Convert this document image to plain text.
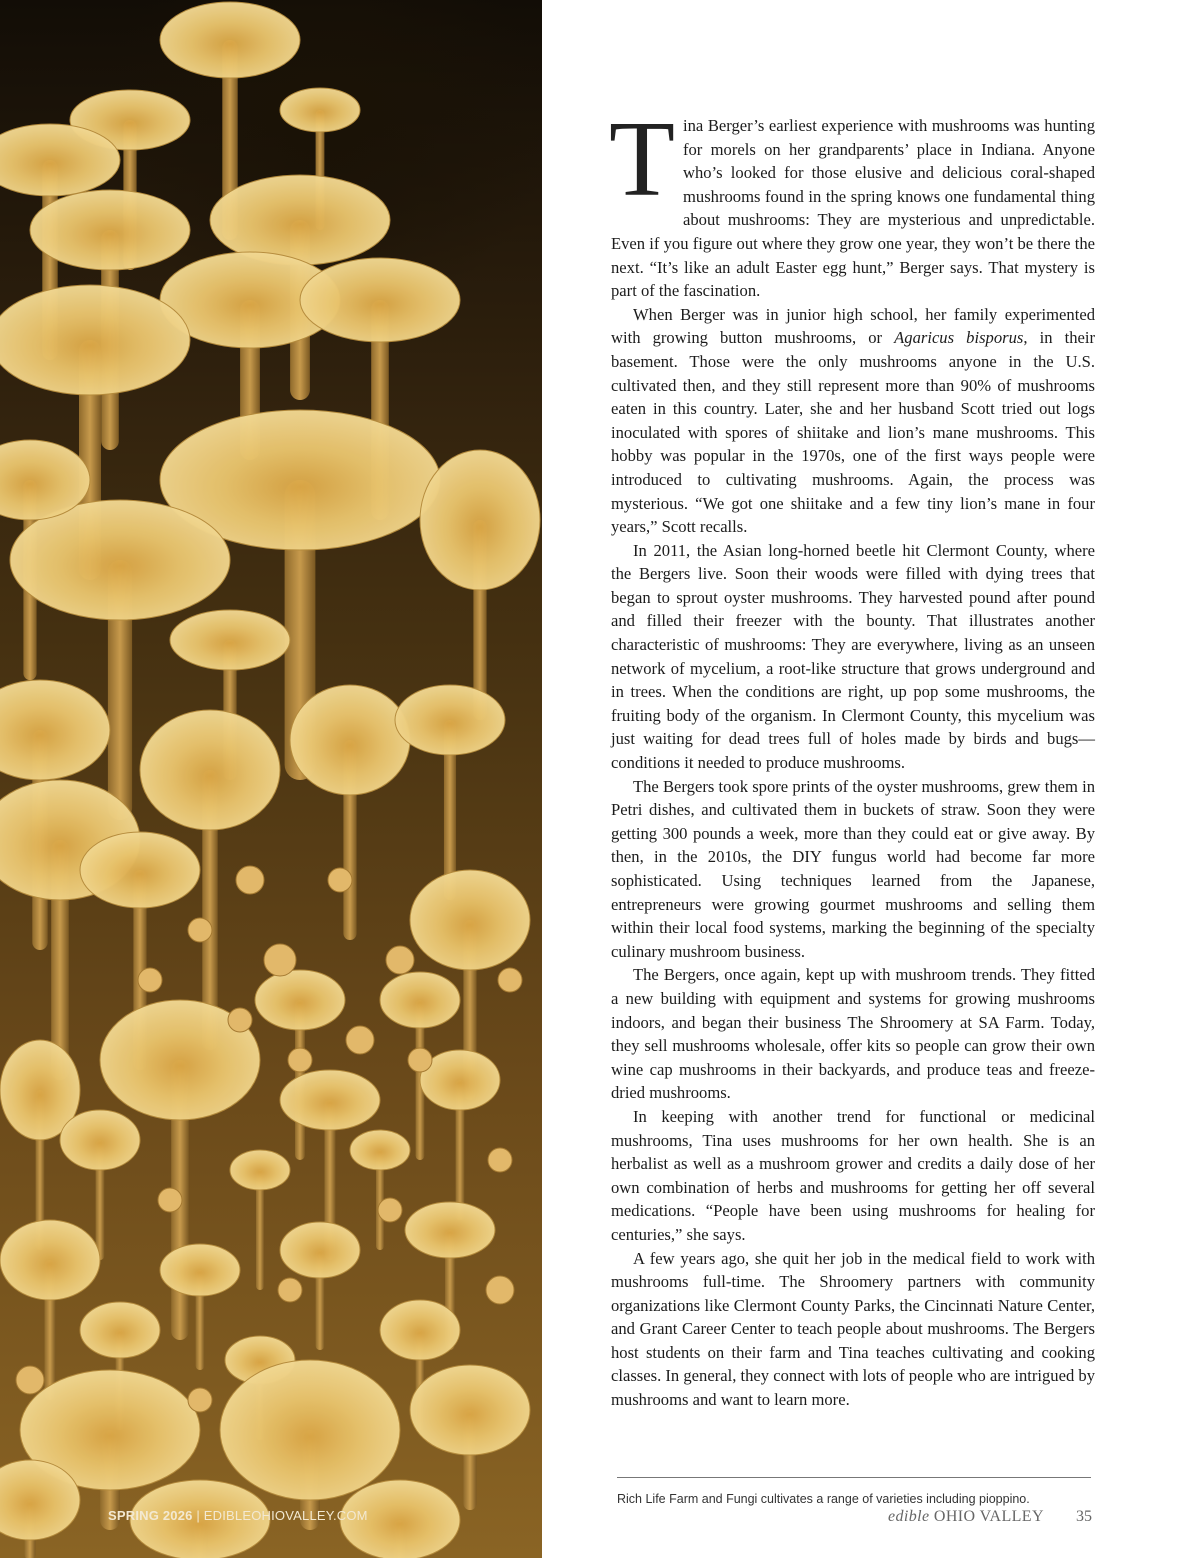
SPRING 2026 | EDIBLEOHIOVALLEY.COM

Tina Berger’s earliest experience with mushrooms was hunting for morels on her grandparents’ place in Indiana. Anyone who’s looked for those elusive and delicious coral-shaped mushrooms found in the spring knows one fundamental thing about mushrooms: They are mysterious and unpredictable. Even if you figure out where they grow one year, they won’t be there the next. “It’s like an adult Easter egg hunt,” Berger says. That mystery is part of the fascination.

When Berger was in junior high school, her family experimented with growing button mushrooms, or Agaricus bisporus, in their basement. Those were the only mushrooms anyone in the U.S. cultivated then, and they still represent more than 90% of mushrooms eaten in this country. Later, she and her husband Scott tried out logs inoculated with spores of shiitake and lion’s mane mushrooms. This hobby was popular in the 1970s, one of the first ways people were introduced to cultivating mushrooms. Again, the process was mysterious. “We got one shiitake and a few tiny lion’s mane in four years,” Scott recalls.

In 2011, the Asian long-horned beetle hit Clermont County, where the Bergers live. Soon their woods were filled with dying trees that began to sprout oyster mushrooms. They harvested pound after pound and filled their freezer with the bounty. That illustrates another characteristic of mushrooms: They are everywhere, living as an unseen network of mycelium, a root-like structure that grows underground and in trees. When the conditions are right, up pop some mushrooms, the fruiting body of the organism. In Clermont County, this mycelium was just waiting for dead trees full of holes made by birds and bugs—conditions it needed to produce mushrooms.

The Bergers took spore prints of the oyster mushrooms, grew them in Petri dishes, and cultivated them in buckets of straw. Soon they were getting 300 pounds a week, more than they could eat or give away. By then, in the 2010s, the DIY fungus world had become far more sophisticated. Using techniques learned from the Japanese, entrepreneurs were growing gourmet mushrooms and selling them within their local food systems, marking the beginning of the specialty culinary mushroom business.

The Bergers, once again, kept up with mushroom trends. They fitted a new building with equipment and systems for growing mushrooms indoors, and began their business The Shroomery at SA Farm. Today, they sell mushrooms wholesale, offer kits so people can grow their own wine cap mushrooms in their backyards, and produce teas and freeze-dried mushrooms.

In keeping with another trend for functional or medicinal mushrooms, Tina uses mushrooms for her own health. She is an herbalist as well as a mushroom grower and credits a daily dose of her own combination of herbs and mushrooms for getting her off several medications. “People have been using mushrooms for healing for centuries,” she says.

A few years ago, she quit her job in the medical field to work with mushrooms full-time. The Shroomery partners with community organizations like Clermont County Parks, the Cincinnati Nature Center, and Grant Career Center to teach people about mushrooms. The Bergers host students on their farm and Tina teaches cultivating and cooking classes. In general, they connect with lots of people who are intrigued by mushrooms and want to learn more.

Rich Life Farm and Fungi cultivates a range of varieties including pioppino.
edible OHIO VALLEY 35
